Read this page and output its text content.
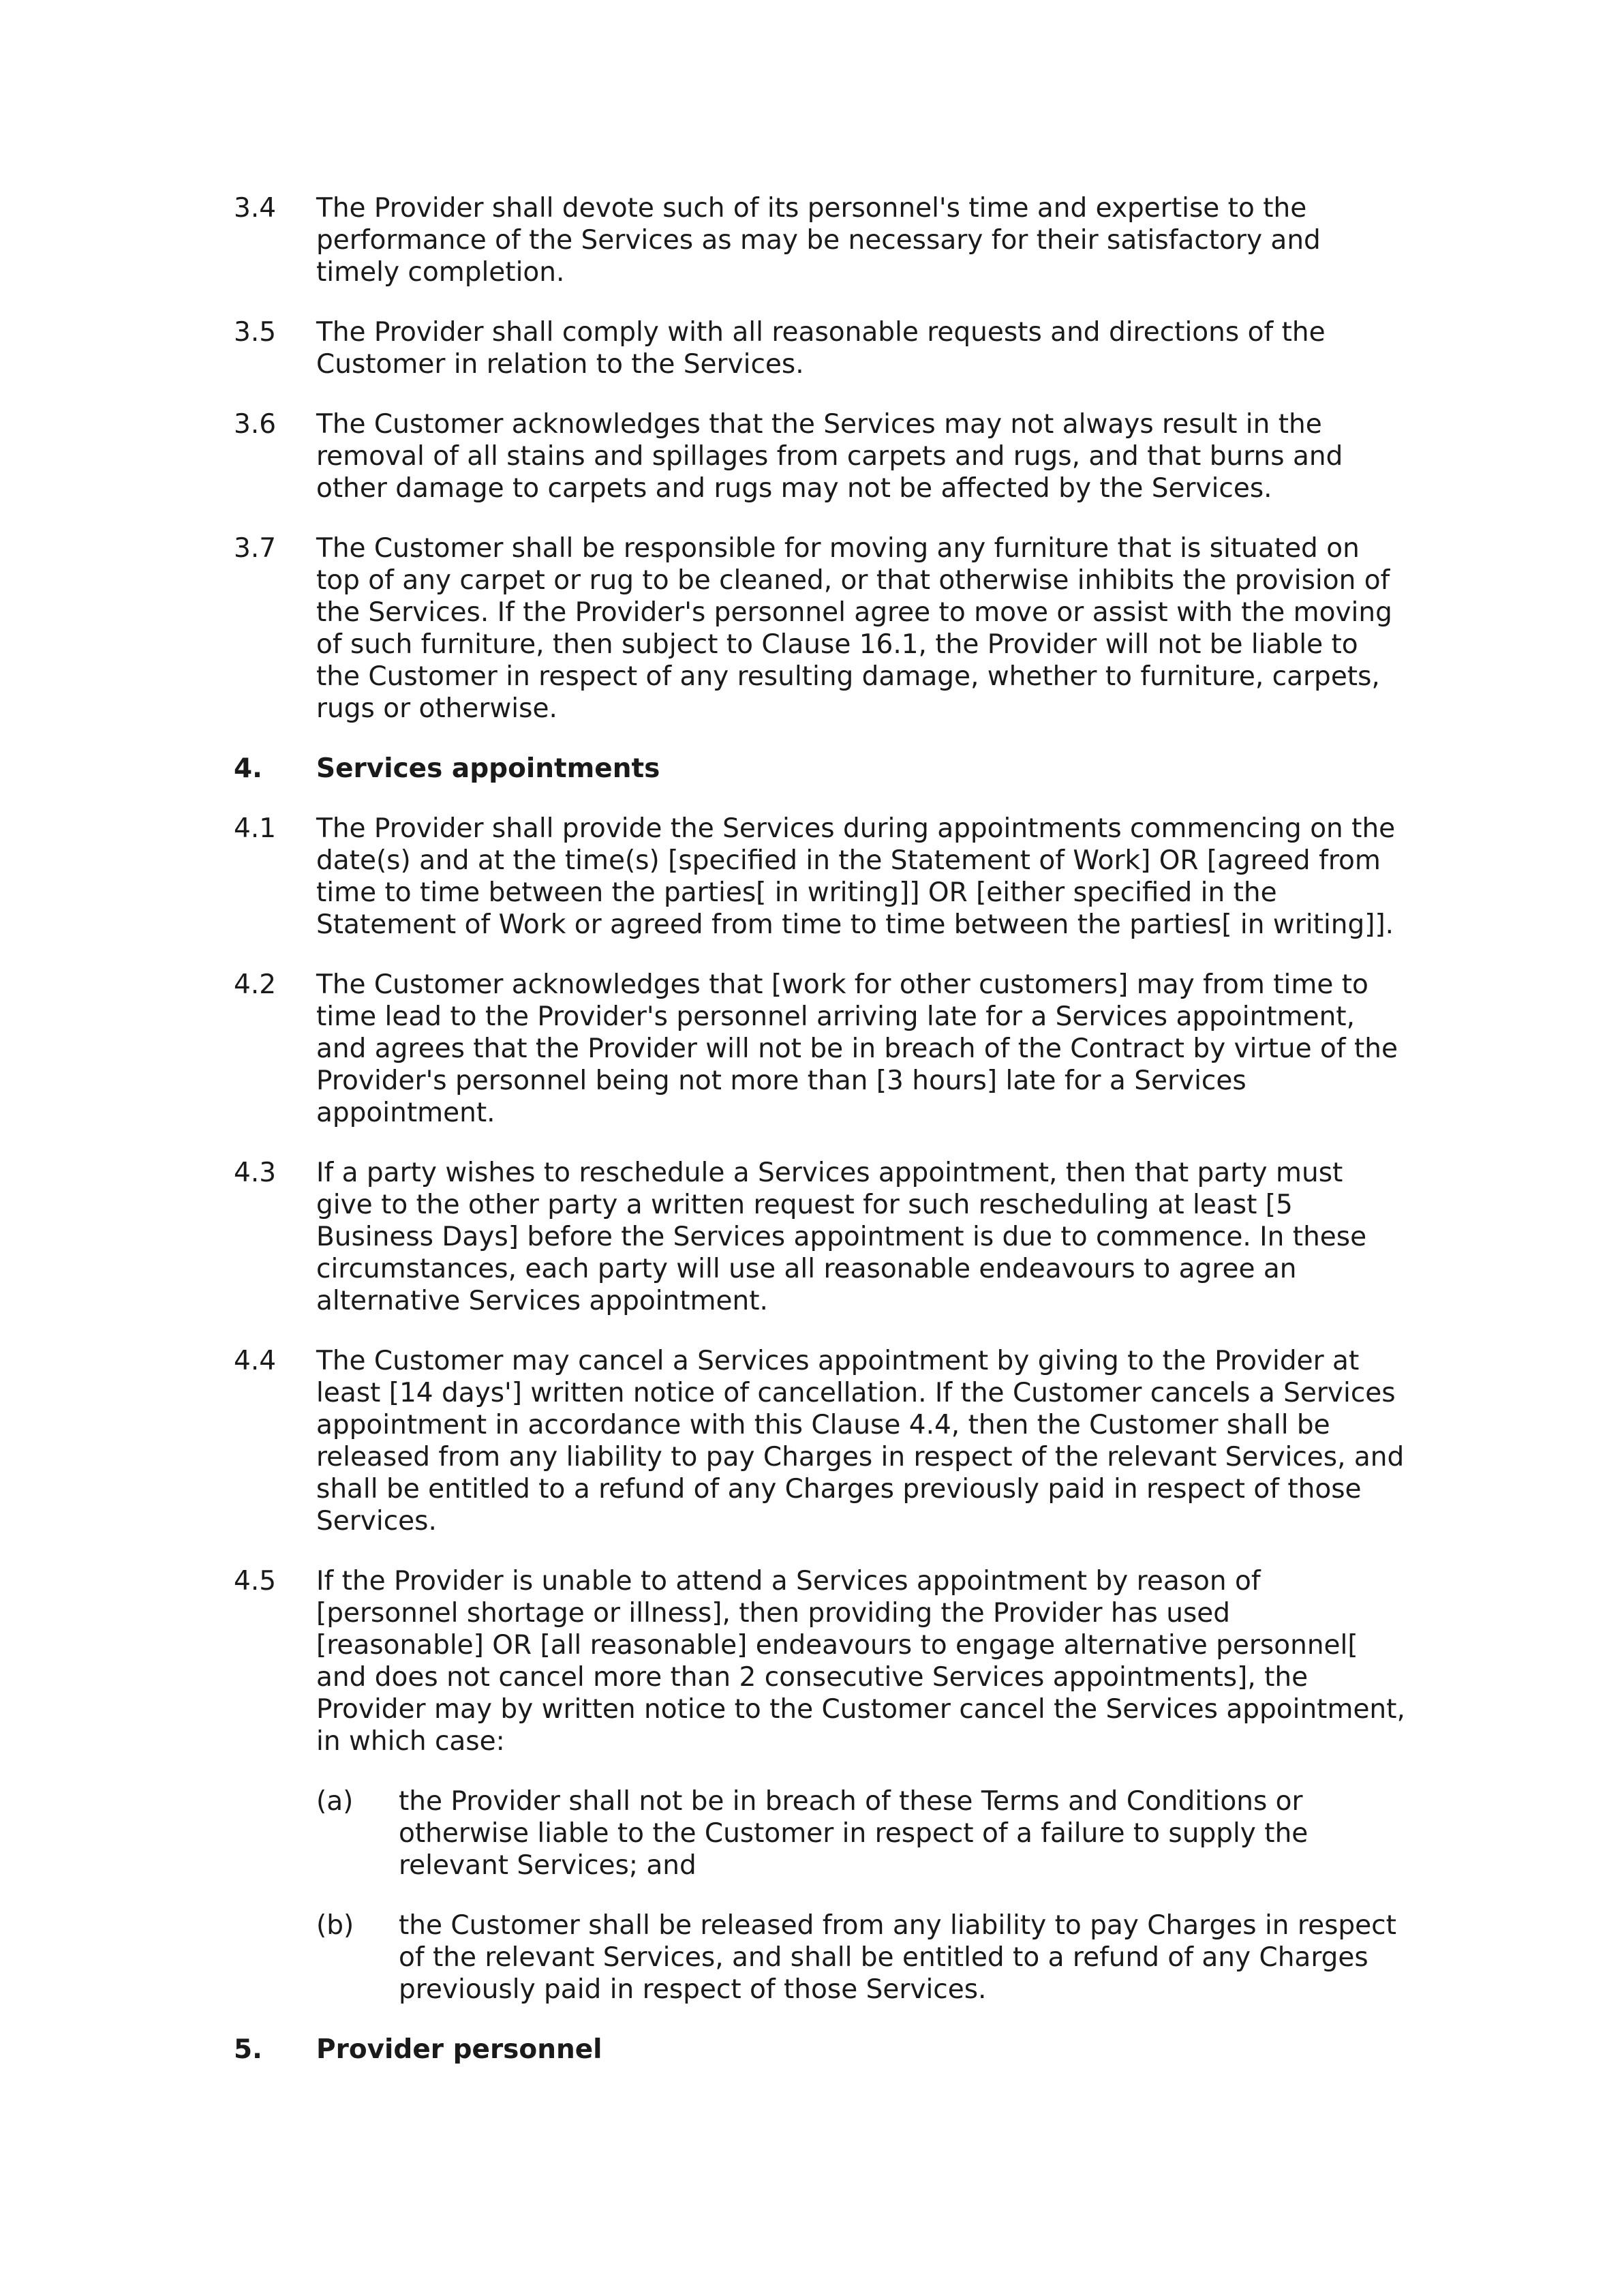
3.4	The Provider shall devote such of its personnel's time and expertise to the performance of the Services as may be necessary for their satisfactory and timely completion.
3.5	The Provider shall comply with all reasonable requests and directions of the Customer in relation to the Services.
3.6	The Customer acknowledges that the Services may not always result in the removal of all stains and spillages from carpets and rugs, and that burns and other damage to carpets and rugs may not be affected by the Services.
3.7	The Customer shall be responsible for moving any furniture that is situated on top of any carpet or rug to be cleaned, or that otherwise inhibits the provision of the Services. If the Provider's personnel agree to move or assist with the moving of such furniture, then subject to Clause 16.1, the Provider will not be liable to the Customer in respect of any resulting damage, whether to furniture, carpets, rugs or otherwise.
4.	Services appointments
4.1	The Provider shall provide the Services during appointments commencing on the date(s) and at the time(s) [specified in the Statement of Work] OR [agreed from time to time between the parties[ in writing]] OR [either specified in the Statement of Work or agreed from time to time between the parties[ in writing]].
4.2	The Customer acknowledges that [work for other customers] may from time to time lead to the Provider's personnel arriving late for a Services appointment, and agrees that the Provider will not be in breach of the Contract by virtue of the Provider's personnel being not more than [3 hours] late for a Services appointment.
4.3	If a party wishes to reschedule a Services appointment, then that party must give to the other party a written request for such rescheduling at least [5 Business Days] before the Services appointment is due to commence. In these circumstances, each party will use all reasonable endeavours to agree an alternative Services appointment.
4.4	The Customer may cancel a Services appointment by giving to the Provider at least [14 days'] written notice of cancellation. If the Customer cancels a Services appointment in accordance with this Clause 4.4, then the Customer shall be released from any liability to pay Charges in respect of the relevant Services, and shall be entitled to a refund of any Charges previously paid in respect of those Services.
4.5	If the Provider is unable to attend a Services appointment by reason of [personnel shortage or illness], then providing the Provider has used [reasonable] OR [all reasonable] endeavours to engage alternative personnel[ and does not cancel more than 2 consecutive Services appointments], the Provider may by written notice to the Customer cancel the Services appointment, in which case:
(a)	the Provider shall not be in breach of these Terms and Conditions or otherwise liable to the Customer in respect of a failure to supply the relevant Services; and
(b)	the Customer shall be released from any liability to pay Charges in respect of the relevant Services, and shall be entitled to a refund of any Charges previously paid in respect of those Services.
5.	Provider personnel
